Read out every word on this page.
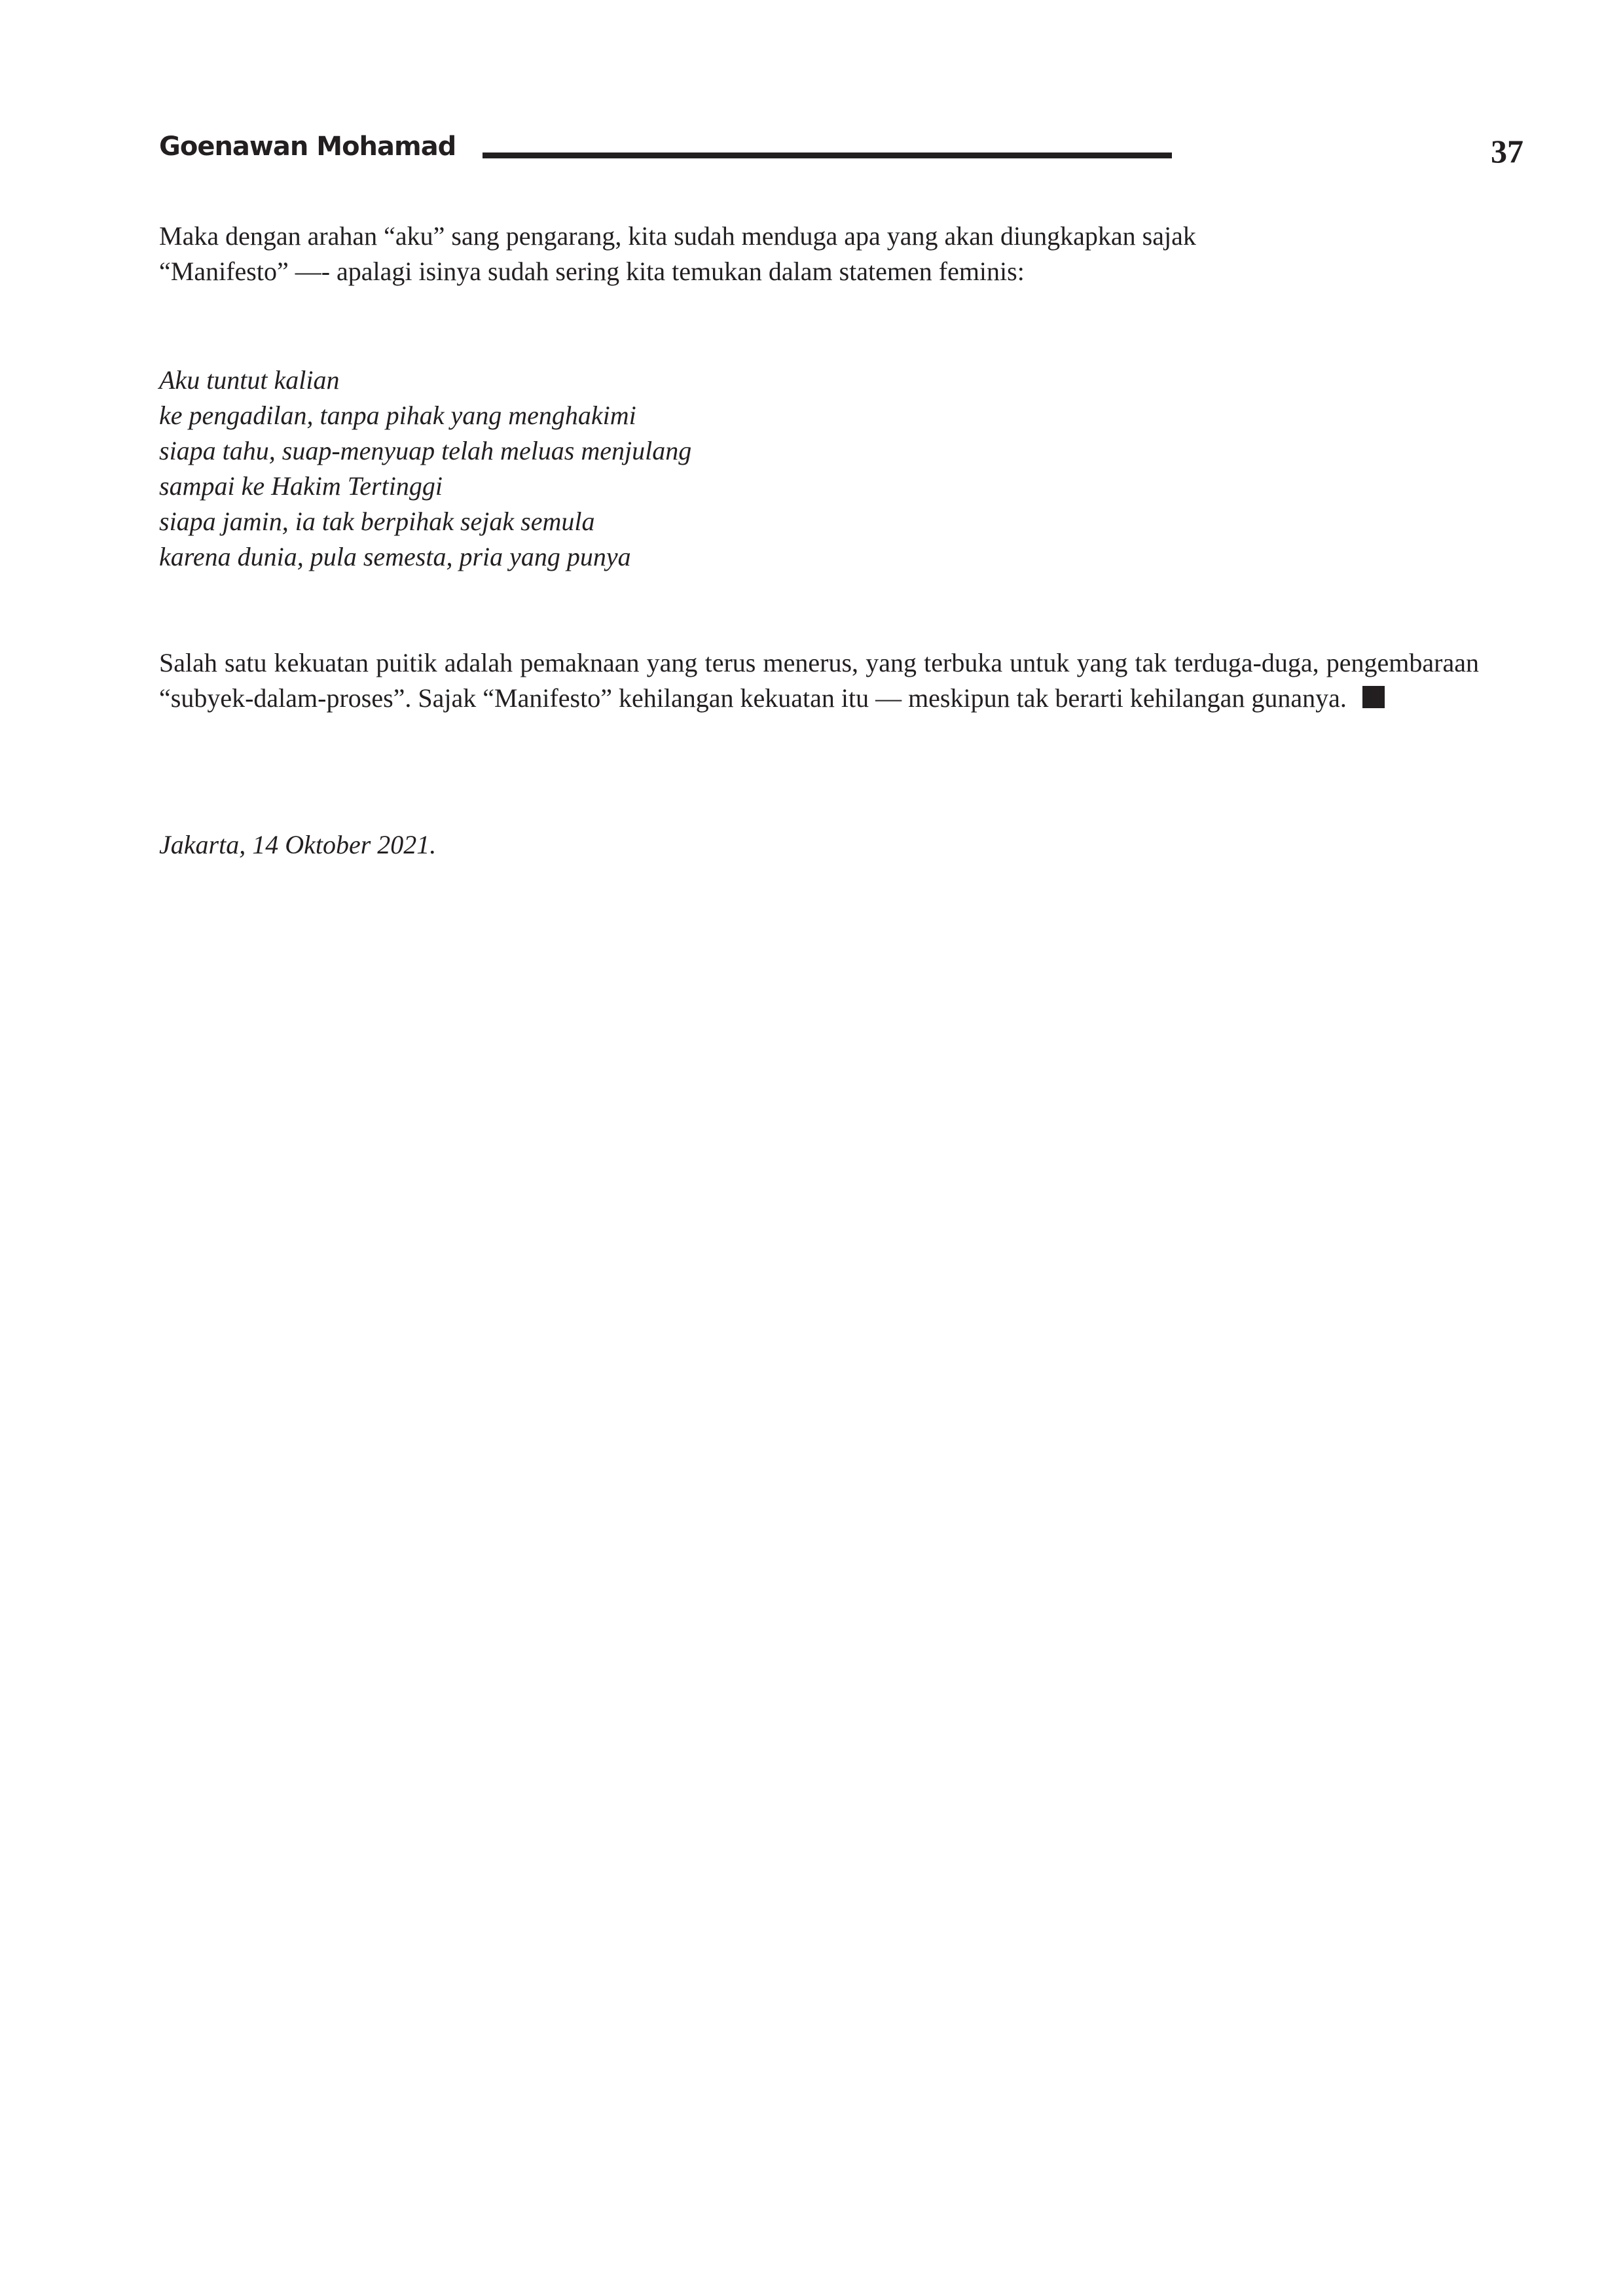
Goenawan Mohamad	37
Maka dengan arahan “aku” sang pengarang, kita sudah menduga apa yang akan diungkapkan sajak
“Manifesto” —- apalagi isinya sudah sering kita temukan dalam statemen feminis:
Aku tuntut kalian
ke pengadilan, tanpa pihak yang menghakimi
siapa tahu, suap-menyuap telah meluas menjulang
sampai ke Hakim Tertinggi
siapa jamin, ia tak berpihak sejak semula
karena dunia, pula semesta, pria yang punya
Salah satu kekuatan puitik adalah pemaknaan yang terus menerus, yang terbuka untuk yang tak terduga-duga, pengembaraan “subyek-dalam-proses”. Sajak “Manifesto” kehilangan kekuatan itu — meskipun tak berarti kehilangan gunanya.
Jakarta, 14 Oktober 2021.
